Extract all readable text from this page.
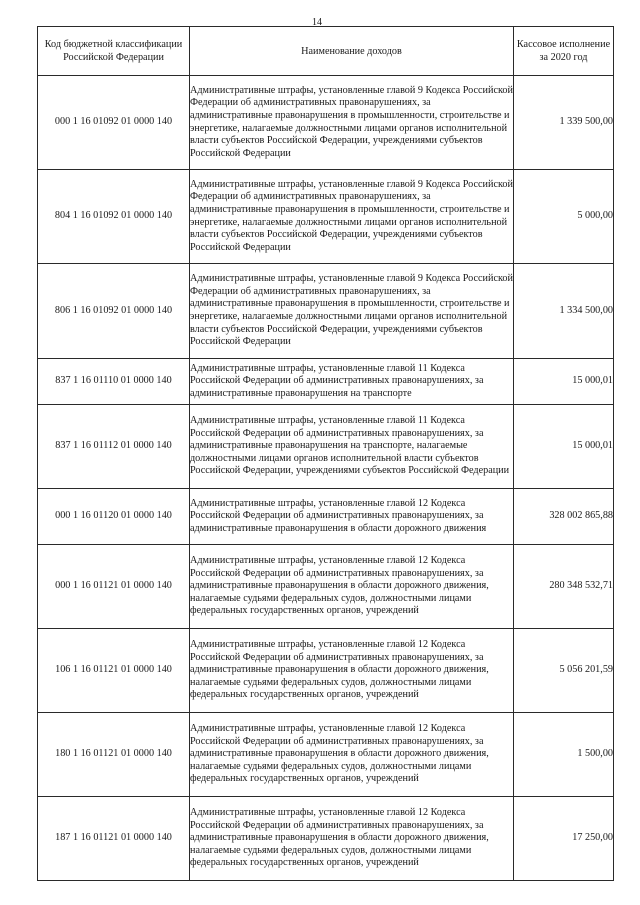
14
Код бюджетной классификации Российской Федерации	Наименование доходов	Кассовое исполнение за 2020 год
000 1 16 01092 01 0000 140	Административные штрафы, установленные главой 9 Кодекса Российской Федерации об административных правонарушениях, за административные правонарушения в промышленности, строительстве и энергетике, налагаемые должностными лицами органов исполнительной власти субъектов Российской Федерации, учреждениями субъектов Российской Федерации	1 339 500,00
804 1 16 01092 01 0000 140	Административные штрафы, установленные главой 9 Кодекса Российской Федерации об административных правонарушениях, за административные правонарушения в промышленности, строительстве и энергетике, налагаемые должностными лицами органов исполнительной власти субъектов Российской Федерации, учреждениями субъектов Российской Федерации	5 000,00
806 1 16 01092 01 0000 140	Административные штрафы, установленные главой 9 Кодекса Российской Федерации об административных правонарушениях, за административные правонарушения в промышленности, строительстве и энергетике, налагаемые должностными лицами органов исполнительной власти субъектов Российской Федерации, учреждениями субъектов Российской Федерации	1 334 500,00
837 1 16 01110 01 0000 140	Административные штрафы, установленные главой 11 Кодекса Российской Федерации об административных правонарушениях, за административные правонарушения на транспорте	15 000,01
837 1 16 01112 01 0000 140	Административные штрафы, установленные главой 11 Кодекса Российской Федерации об административных правонарушениях, за административные правонарушения на транспорте, налагаемые должностными лицами органов исполнительной власти субъектов Российской Федерации, учреждениями субъектов Российской Федерации	15 000,01
000 1 16 01120 01 0000 140	Административные штрафы, установленные главой 12 Кодекса Российской Федерации об административных правонарушениях, за административные правонарушения в области дорожного движения	328 002 865,88
000 1 16 01121 01 0000 140	Административные штрафы, установленные главой 12 Кодекса Российской Федерации об административных правонарушениях, за административные правонарушения в области дорожного движения, налагаемые судьями федеральных судов, должностными лицами федеральных государственных органов, учреждений	280 348 532,71
106 1 16 01121 01 0000 140	Административные штрафы, установленные главой 12 Кодекса Российской Федерации об административных правонарушениях, за административные правонарушения в области дорожного движения, налагаемые судьями федеральных судов, должностными лицами федеральных государственных органов, учреждений	5 056 201,59
180 1 16 01121 01 0000 140	Административные штрафы, установленные главой 12 Кодекса Российской Федерации об административных правонарушениях, за административные правонарушения в области дорожного движения, налагаемые судьями федеральных судов, должностными лицами федеральных государственных органов, учреждений	1 500,00
187 1 16 01121 01 0000 140	Административные штрафы, установленные главой 12 Кодекса Российской Федерации об административных правонарушениях, за административные правонарушения в области дорожного движения, налагаемые судьями федеральных судов, должностными лицами федеральных государственных органов, учреждений	17 250,00
